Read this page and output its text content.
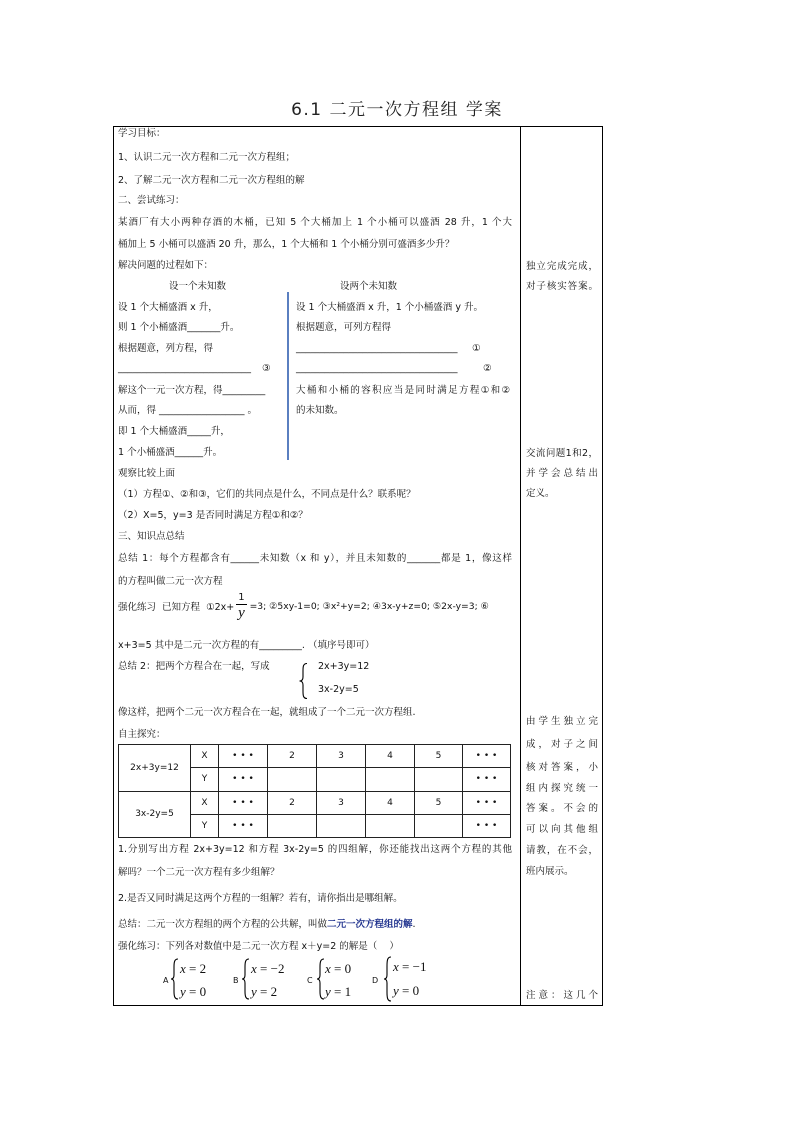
6.1 二元一次方程组 学案
学习目标：
1、认识二元一次方程和二元一次方程组；
2、了解二元一次方程和二元一次方程组的解
二、尝试练习：
某酒厂有大小两种存酒的木桶，已知 5 个大桶加上 1 个小桶可以盛酒 28 升，1 个大
桶加上 5 小桶可以盛酒 20 升，那么，1 个大桶和 1 个小桶分别可盛酒多少升？
解决问题的过程如下：
设一个未知数	设两个未知数
设 1 个大桶盛酒 x 升，
则 1 个小桶盛酒_______升。
根据题意，列方程，得
____________________________ ③
解这个一元一次方程，得_________
从而，得 __________________ 。
即 1 个大桶盛酒_____升，
1 个小桶盛酒______升。
设 1 个大桶盛酒 x 升，1 个小桶盛酒 y 升。
根据题意，可列方程得
__________________________________ ①
__________________________________	②
大桶和小桶的容积应当是同时满足方程①和②
的未知数。
观察比较上面
（1）方程①、②和③，它们的共同点是什么，不同点是什么？联系呢？
（2）X=5，y=3 是否同时满足方程①和②？
三、知识点总结
总结 1：每个方程都含有______未知数（x 和 y），并且未知数的_______都是 1，像这样
的方程叫做二元一次方程
强化练习  已知方程  ①2x+ $\frac{1}{y} =3$; ②5xy-1=0; ③x²+y=2; ④3x-y+z=0; ⑤2x-y=3; ⑥
x+3=5 其中是二元一次方程的有_________. （填序号即可）
总结 2：把两个方程合在一起，写成	2x+3y=12
3x-2y=5
像这样，把两个二元一次方程合在一起，就组成了一个二元一次方程组.
自主探究：
2x+3y=12	X	• • •	2	3	4	5	• • •
	Y	• • •					• • •
3x-2y=5	X	• • •	2	3	4	5	• • •
	Y	• • •					• • •
1.分别写出方程 2x+3y=12 和方程 3x-2y=5 的四组解，你还能找出这两个方程的其他
解吗？一个二元一次方程有多少组解？
2.是否又同时满足这两个方程的一组解？若有，请你指出是哪组解。
总结：二元一次方程组的两个方程的公共解，叫做二元一次方程组的解.
强化练习：下列各对数值中是二元一次方程 x＋y=2 的解是（    ）
A
x = 2
y = 0
B
x = −2
y = 2
C
x = 0
y = 1
D
x = −1
y = 0
独立完成完成，
对子核实答案。
交流问题1和2，
并学会总结出
定义。
由学生独立完
成，对子之间
核对答案，小
组内探究统一
答案。不会的
可以向其他组
请教，在不会，
班内展示。
注意：这几个
